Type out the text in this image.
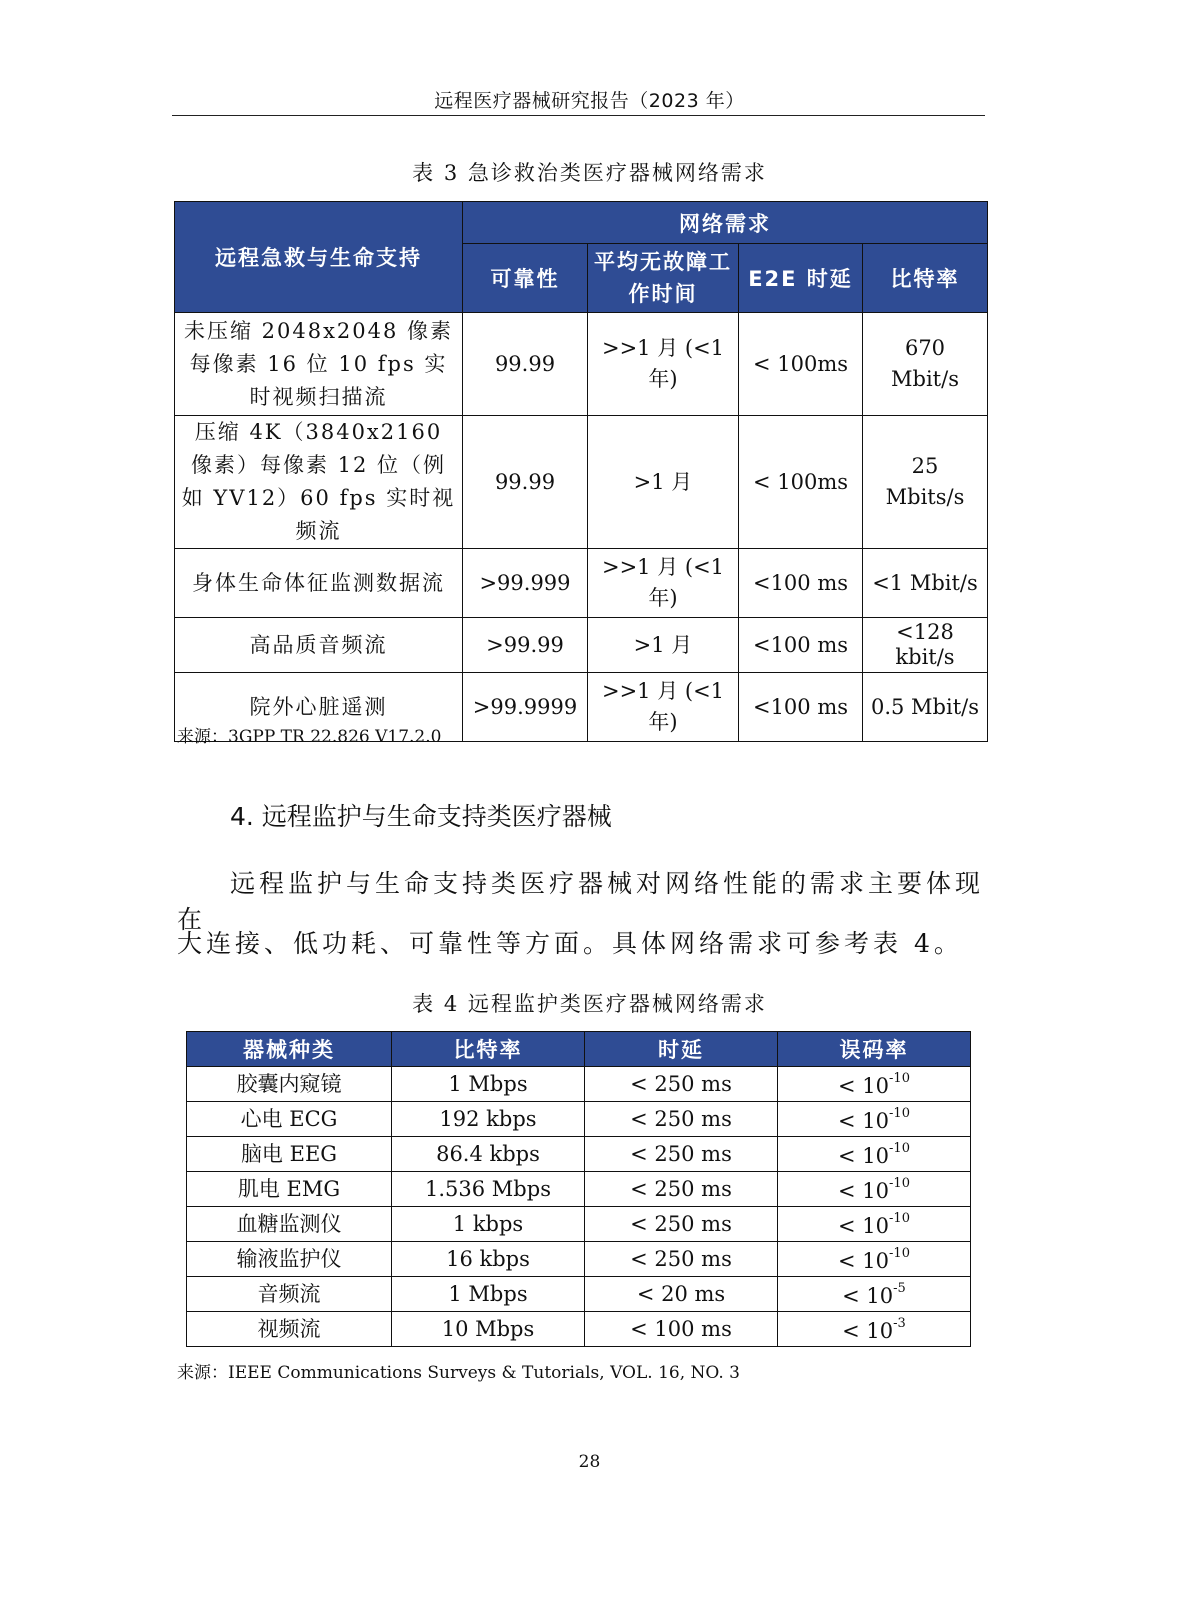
远程医疗器械研究报告（2023 年）
表 3 急诊救治类医疗器械网络需求
远程急救与生命支持	网络需求			
	可靠性	平均无故障工作时间	E2E 时延	比特率
未压缩 2048x2048 像素每像素 16 位 10 fps 实时视频扫描流	99.99	>>1 月 (<1 年)	< 100ms	670 Mbit/s
压缩 4K（3840x2160 像素）每像素 12 位（例如 YV12）60 fps 实时视频流	99.99	>1 月	< 100ms	25 Mbits/s
身体生命体征监测数据流	>99.999	>>1 月 (<1 年)	<100 ms	<1 Mbit/s
高品质音频流	>99.99	>1 月	<100 ms	<128 kbit/s
院外心脏遥测	>99.9999	>>1 月 (<1 年)	<100 ms	0.5 Mbit/s
来源：3GPP TR 22.826 V17.2.0
4. 远程监护与生命支持类医疗器械
远程监护与生命支持类医疗器械对网络性能的需求主要体现在
大连接、低功耗、可靠性等方面。具体网络需求可参考表 4。
表 4 远程监护类医疗器械网络需求
器械种类	比特率	时延	误码率
胶囊内窥镜	1 Mbps	< 250 ms	< $10^{-10}$
心电 ECG	192 kbps	< 250 ms	< $10^{-10}$
脑电 EEG	86.4 kbps	< 250 ms	< $10^{-10}$
肌电 EMG	1.536 Mbps	< 250 ms	< $10^{-10}$
血糖监测仪	1 kbps	< 250 ms	< $10^{-10}$
输液监护仪	16 kbps	< 250 ms	< $10^{-10}$
音频流	1 Mbps	< 20 ms	< $10^{-5}$
视频流	10 Mbps	< 100 ms	< $10^{-3}$
来源：IEEE Communications Surveys & Tutorials, VOL. 16, NO. 3
28
